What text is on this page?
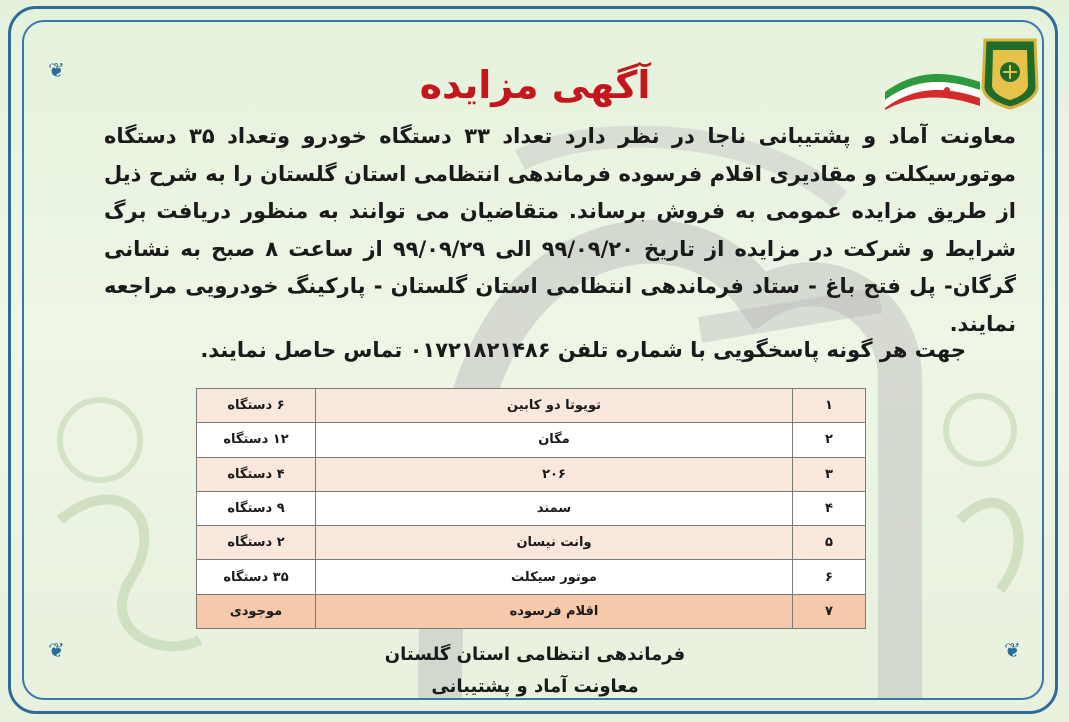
❦
❦	❦
آگهی مزایده
معاونت آماد و پشتیبانی ناجا در نظر دارد تعداد ۳۳ دستگاه خودرو وتعداد ۳۵ دستگاه موتورسیکلت و مقادیری اقلام فرسوده فرماندهی انتظامی استان گلستان را به شرح ذیل از طریق مزایده عمومی به فروش برساند. متقاضیان می توانند به منظور دریافت برگ شرایط و شرکت در مزایده از تاریخ ۹۹/۰۹/۲۰ الی ۹۹/۰۹/۲۹ از ساعت ۸ صبح به نشانی گرگان- پل فتح باغ - ستاد فرماندهی انتظامی استان گلستان - پارکینگ خودرویی مراجعه نمایند.
جهت هر گونه پاسخگویی با شماره تلفن ۰۱۷۲۱۸۲۱۴۸۶ تماس حاصل نمایند.
۱	تویوتا دو کابین	۶ دستگاه
۲	مگان	۱۲ دستگاه
۳	۲۰۶	۴ دستگاه
۴	سمند	۹ دستگاه
۵	وانت نیسان	۲ دستگاه
۶	موتور سیکلت	۳۵ دستگاه
۷	اقلام فرسوده	موجودی
فرماندهی انتظامی استان گلستان
معاونت آماد و پشتیبانی
